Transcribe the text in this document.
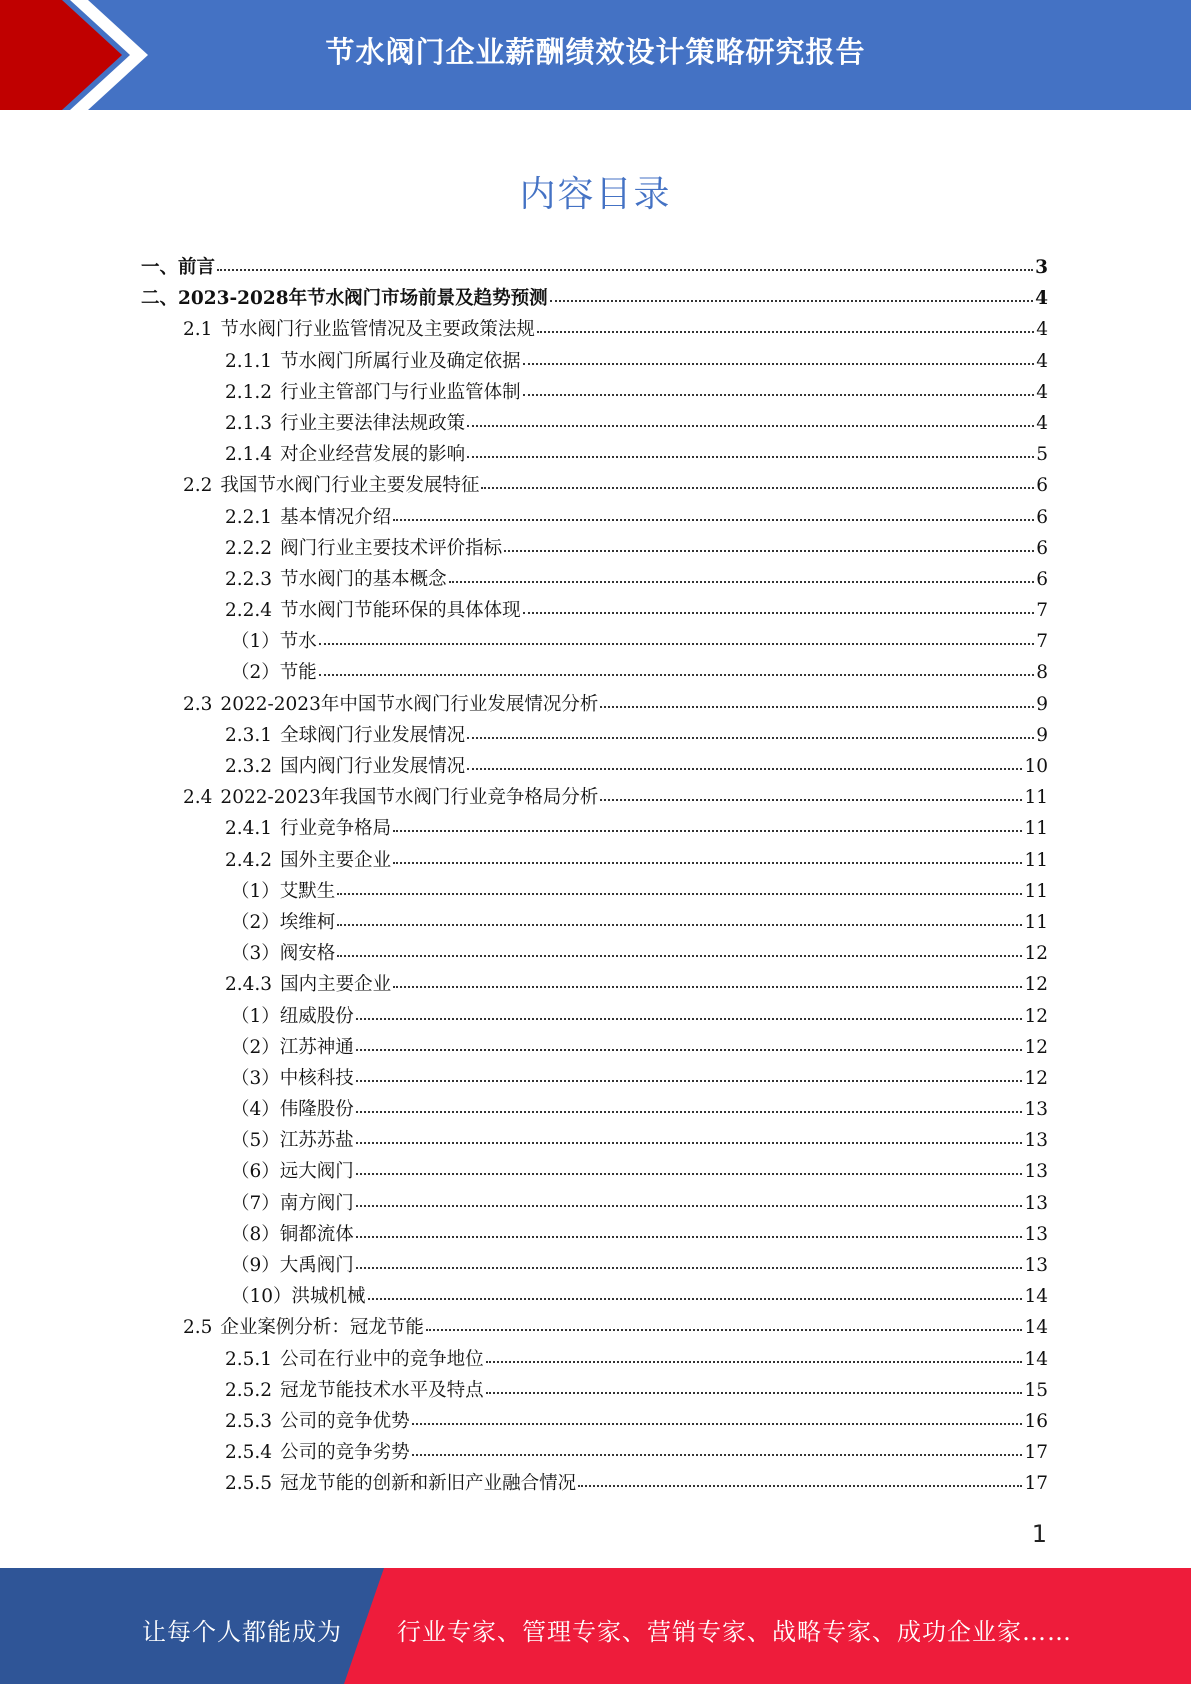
节水阀门企业薪酬绩效设计策略研究报告
内容目录
一、前言	3
二、2023-2028年节水阀门市场前景及趋势预测	4
2.1 节水阀门行业监管情况及主要政策法规	4
2.1.1 节水阀门所属行业及确定依据	4
2.1.2 行业主管部门与行业监管体制	4
2.1.3 行业主要法律法规政策	4
2.1.4 对企业经营发展的影响	5
2.2 我国节水阀门行业主要发展特征	6
2.2.1 基本情况介绍	6
2.2.2 阀门行业主要技术评价指标	6
2.2.3 节水阀门的基本概念	6
2.2.4 节水阀门节能环保的具体体现	7
（1）节水	7
（2）节能	8
2.3 2022-2023年中国节水阀门行业发展情况分析	9
2.3.1 全球阀门行业发展情况	9
2.3.2 国内阀门行业发展情况	10
2.4 2022-2023年我国节水阀门行业竞争格局分析	11
2.4.1 行业竞争格局	11
2.4.2 国外主要企业	11
（1）艾默生	11
（2）埃维柯	11
（3）阀安格	12
2.4.3 国内主要企业	12
（1）纽威股份	12
（2）江苏神通	12
（3）中核科技	12
（4）伟隆股份	13
（5）江苏苏盐	13
（6）远大阀门	13
（7）南方阀门	13
（8）铜都流体	13
（9）大禹阀门	13
（10）洪城机械	14
2.5 企业案例分析：冠龙节能	14
2.5.1 公司在行业中的竞争地位	14
2.5.2 冠龙节能技术水平及特点	15
2.5.3 公司的竞争优势	16
2.5.4 公司的竞争劣势	17
2.5.5 冠龙节能的创新和新旧产业融合情况	17
1
让每个人都能成为 行业专家、管理专家、营销专家、战略专家、成功企业家……
